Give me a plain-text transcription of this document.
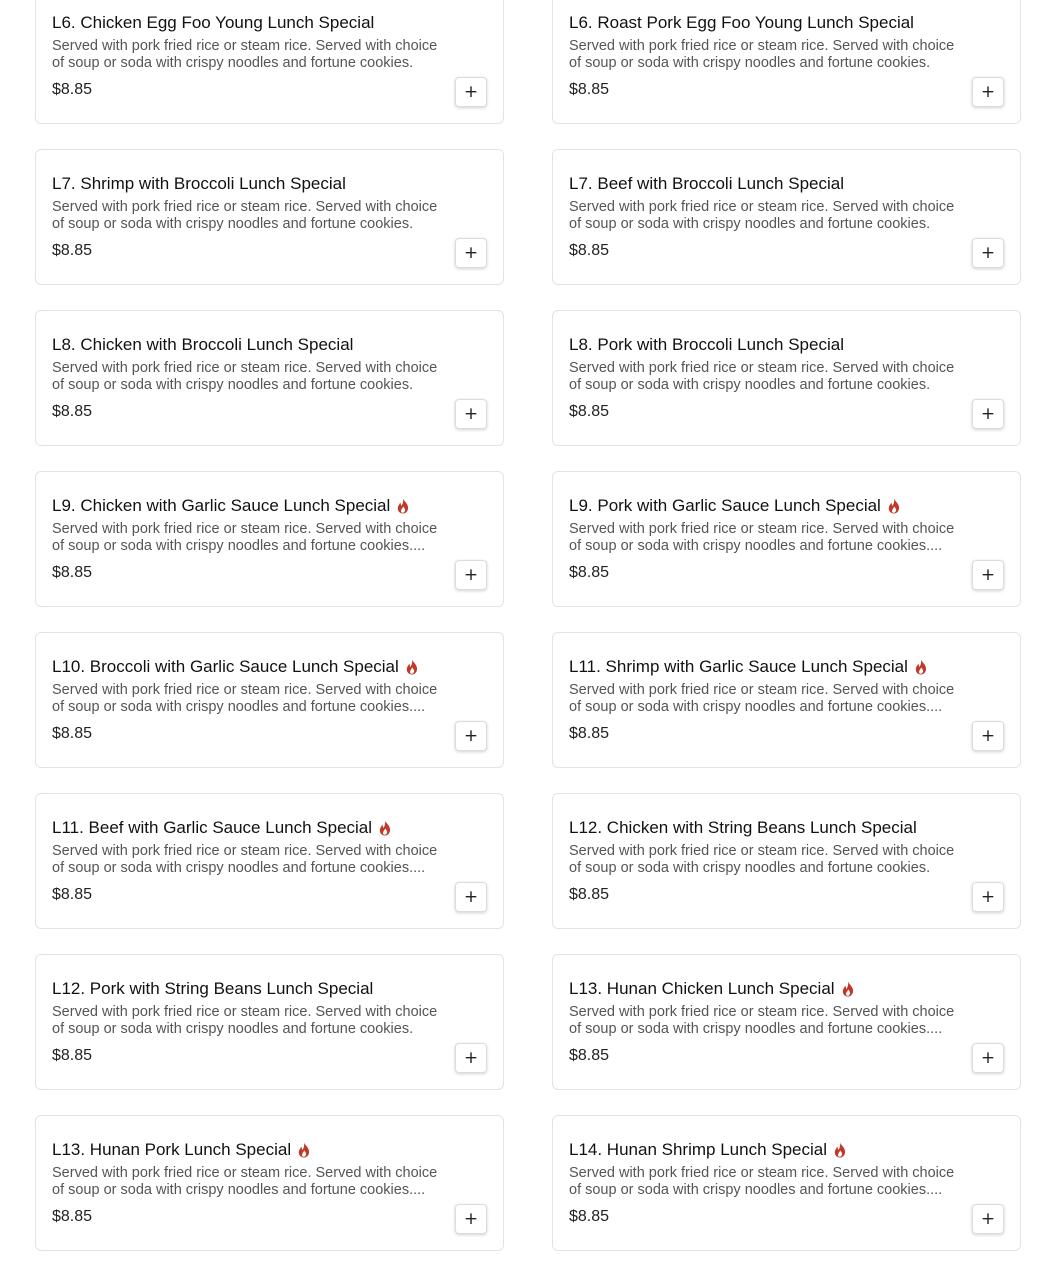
L6. Chicken Egg Foo Young Lunch Special
Served with pork fried rice or steam rice. Served with choice
of soup or soda with crispy noodles and fortune cookies.
$8.85	+
L6. Roast Pork Egg Foo Young Lunch Special
Served with pork fried rice or steam rice. Served with choice
of soup or soda with crispy noodles and fortune cookies.
$8.85	+
L7. Shrimp with Broccoli Lunch Special
Served with pork fried rice or steam rice. Served with choice
of soup or soda with crispy noodles and fortune cookies.
$8.85	+
L7. Beef with Broccoli Lunch Special
Served with pork fried rice or steam rice. Served with choice
of soup or soda with crispy noodles and fortune cookies.
$8.85	+
L8. Chicken with Broccoli Lunch Special
Served with pork fried rice or steam rice. Served with choice
of soup or soda with crispy noodles and fortune cookies.
$8.85	+
L8. Pork with Broccoli Lunch Special
Served with pork fried rice or steam rice. Served with choice
of soup or soda with crispy noodles and fortune cookies.
$8.85	+
L9. Chicken with Garlic Sauce Lunch Special
Served with pork fried rice or steam rice. Served with choice
of soup or soda with crispy noodles and fortune cookies....
$8.85	+
L9. Pork with Garlic Sauce Lunch Special
Served with pork fried rice or steam rice. Served with choice
of soup or soda with crispy noodles and fortune cookies....
$8.85	+
L10. Broccoli with Garlic Sauce Lunch Special
Served with pork fried rice or steam rice. Served with choice
of soup or soda with crispy noodles and fortune cookies....
$8.85	+
L11. Shrimp with Garlic Sauce Lunch Special
Served with pork fried rice or steam rice. Served with choice
of soup or soda with crispy noodles and fortune cookies....
$8.85	+
L11. Beef with Garlic Sauce Lunch Special
Served with pork fried rice or steam rice. Served with choice
of soup or soda with crispy noodles and fortune cookies....
$8.85	+
L12. Chicken with String Beans Lunch Special
Served with pork fried rice or steam rice. Served with choice
of soup or soda with crispy noodles and fortune cookies.
$8.85	+
L12. Pork with String Beans Lunch Special
Served with pork fried rice or steam rice. Served with choice
of soup or soda with crispy noodles and fortune cookies.
$8.85	+
L13. Hunan Chicken Lunch Special
Served with pork fried rice or steam rice. Served with choice
of soup or soda with crispy noodles and fortune cookies....
$8.85	+
L13. Hunan Pork Lunch Special
Served with pork fried rice or steam rice. Served with choice
of soup or soda with crispy noodles and fortune cookies....
$8.85	+
L14. Hunan Shrimp Lunch Special
Served with pork fried rice or steam rice. Served with choice
of soup or soda with crispy noodles and fortune cookies....
$8.85	+
